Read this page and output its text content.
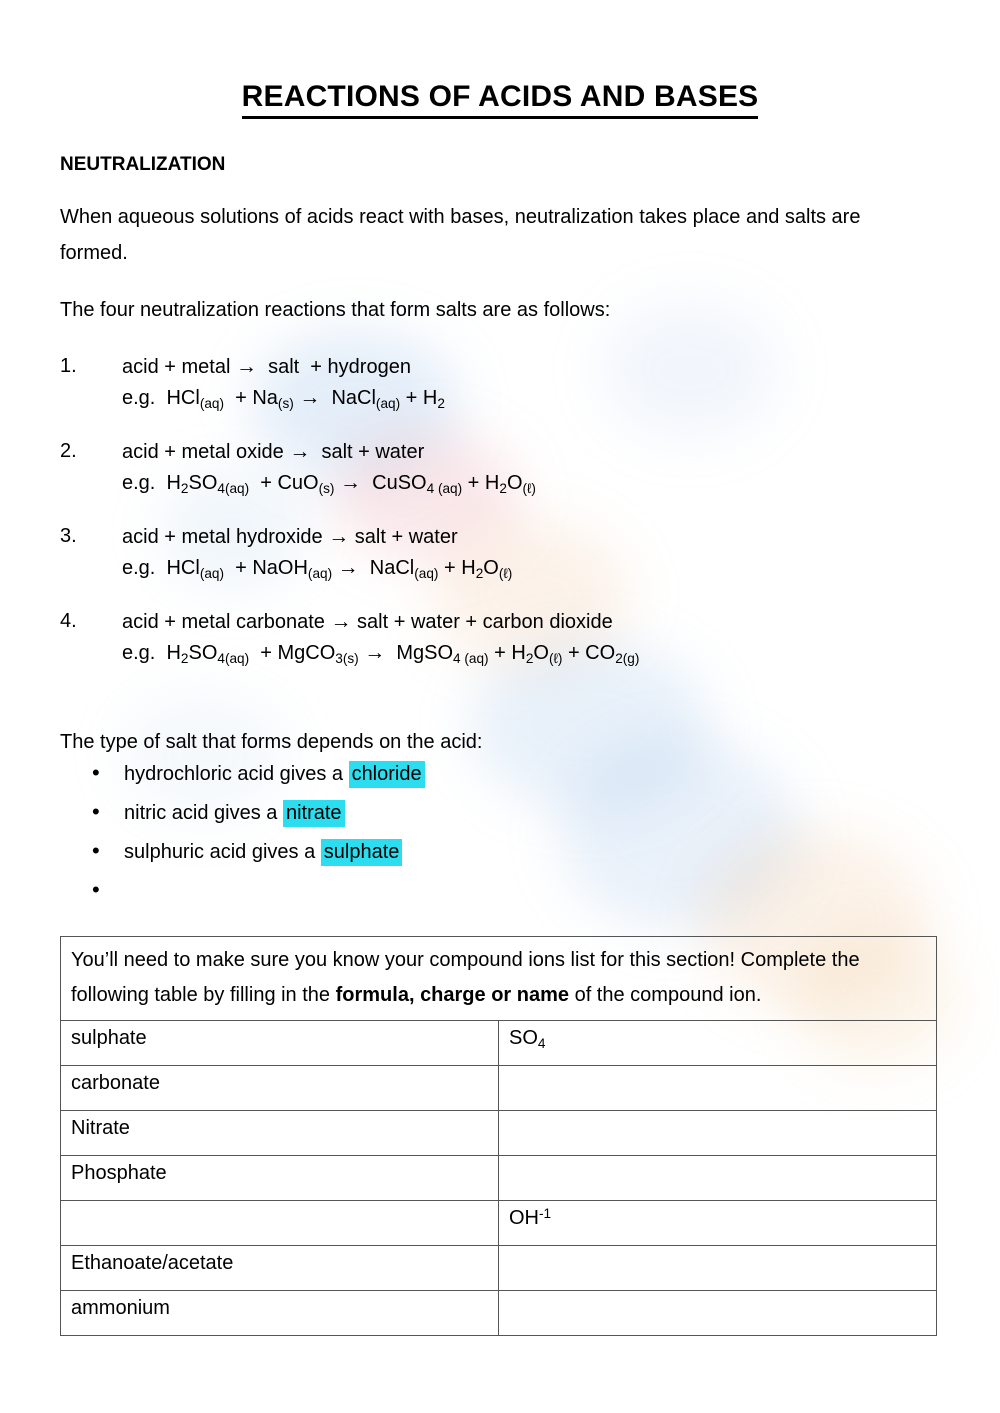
REACTIONS OF ACIDS AND BASES
NEUTRALIZATION

When aqueous solutions of acids react with bases, neutralization takes place and salts are formed.

The four neutralization reactions that form salts are as follows:

1.	acid + metal →  salt  + hydrogen
e.g.  $HCl_{(aq)} + Na_{(s)}$ →  NaCl$_{(aq)}$ + $H_2$
2.	acid + metal oxide →  salt + water
e.g.  $H_2SO_{4(aq)} + CuO_{(s)}$ →  CuSO$_{4 (aq)}$ + $H_2O_{(\ell)}$
3.	acid + metal hydroxide → salt + water
e.g.  HCl$_{(aq)}$  + NaOH$_{(aq)}$ →  NaCl$_{(aq)}$ + $H_2O_{(\ell)}$
4.	acid + metal carbonate → salt + water + carbon dioxide
e.g.  $H_2SO_{4(aq)}$  + MgCO$_{3(s)}$ →  MgSO$_{4 (aq)}$ + $H_2O_{(\ell)} + CO_{2(g)}$

The type of salt that forms depends on the acid:

• hydrochloric acid gives a chloride
• nitric acid gives a nitrate
• sulphuric acid gives a sulphate
•
You’ll need to make sure you know your compound ions list for this section! Complete the following table by filling in the formula, charge or name of the compound ion.	
sulphate	$SO_4$
carbonate	
Nitrate	
Phosphate	
	$OH^{-1}$
Ethanoate/acetate	
ammonium	
